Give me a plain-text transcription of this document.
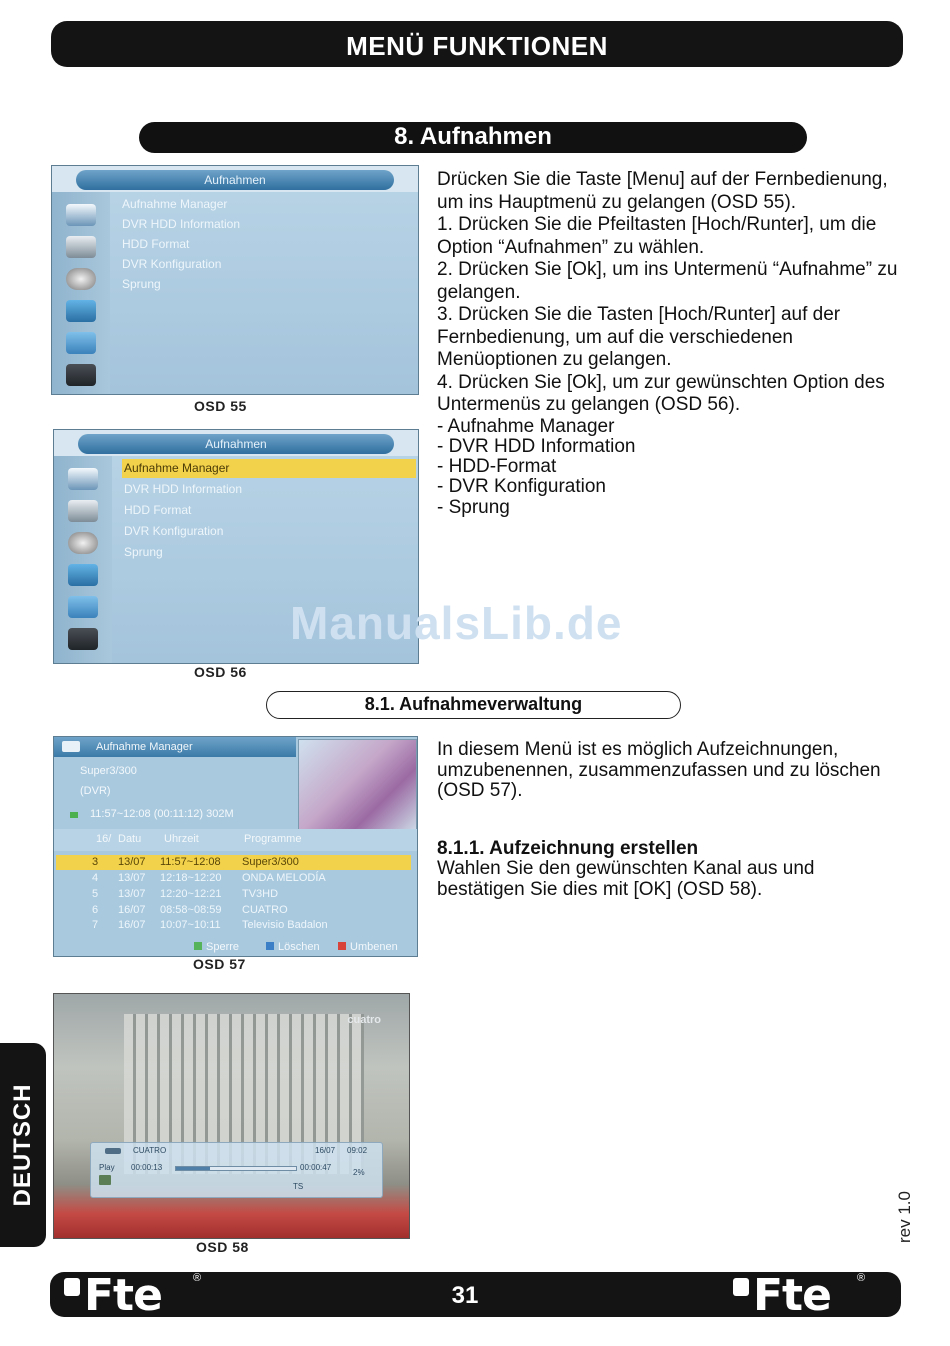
MENÜ FUNKTIONEN
8. Aufnahmen
Aufnahmen
Aufnahme Manager
DVR HDD Information
HDD Format
DVR Konfiguration
Sprung
OSD 55
Aufnahmen
Aufnahme Manager
DVR HDD Information
HDD Format
DVR Konfiguration
Sprung
OSD 56

Drücken Sie die Taste [Menu] auf der Fernbedienung, um ins Hauptmenü zu gelangen (OSD 55).

1. Drücken Sie die Pfeiltasten [Hoch/Runter], um die Option “Aufnahmen” zu wählen.

2. Drücken Sie [Ok], um ins Untermenü “Aufnahme” zu gelangen.

3. Drücken Sie die Tasten [Hoch/Runter] auf der Fernbedienung, um auf die verschiedenen Menüoptionen zu gelangen.

4. Drücken Sie [Ok], um zur gewünschten Option des Untermenüs zu gelangen (OSD 56).

- Aufnahme Manager

- DVR HDD Information

- HDD-Format

- DVR Konfiguration

- Sprung

ManualsLib.de
8.1. Aufnahmeverwaltung
Aufnahme Manager
Super3/300
(DVR)
11:57~12:08 (00:11:12) 302M
16/ Datu Uhrzeit	Programme
3 13/07 11:57~12:08 Super3/300
4 13/07 12:18~12:20 ONDA MELODÍA
5 13/07 12:20~12:21 TV3HD
6 16/07 08:58~08:59 CUATRO
7 16/07 10:07~10:11 Televisio Badalon
Sperre	Löschen	Umbenen
OSD 57
In diesem Menü ist es möglich Aufzeichnungen, umzubenennen, zusammenzufassen und zu löschen (OSD 57).
8.1.1. Aufzeichnung erstellen
Wahlen Sie den gewünschten Kanal aus und bestätigen Sie dies mit [OK] (OSD 58).
cuatro
CUATRO	16/07 09:02
Play 00:00:13	00:00:47
2%
TS
OSD 58
DEUTSCH
rev 1.0
Fte	®
31	Fte ®
